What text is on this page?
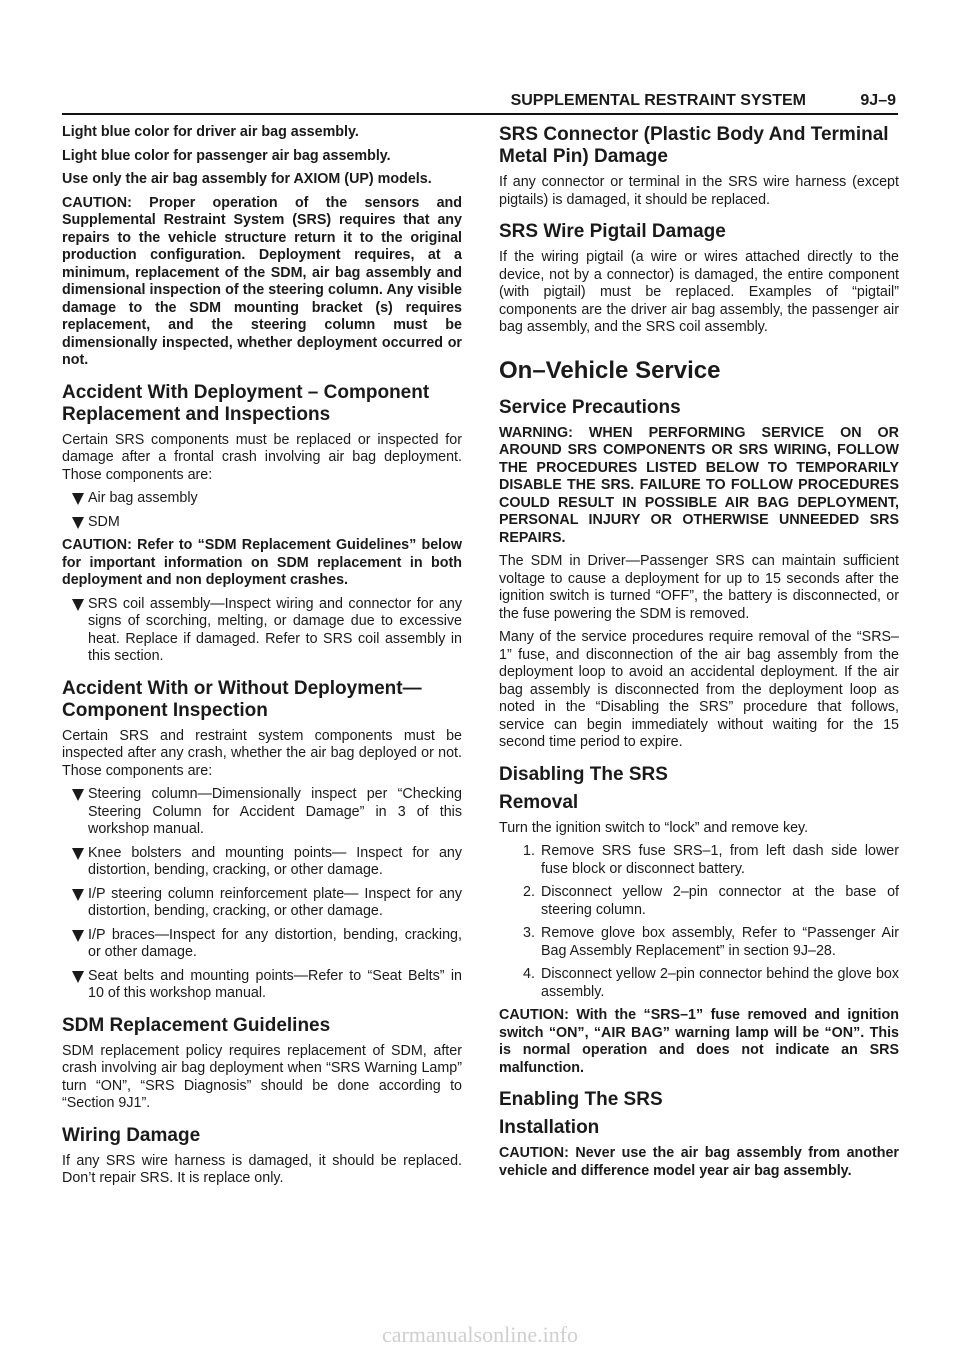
SUPPLEMENTAL RESTRAINT SYSTEM	9J–9

Light blue color for driver air bag assembly.

Light blue color for passenger air bag assembly.

Use only the air bag assembly for AXIOM (UP) models.

CAUTION: Proper operation of the sensors and Supplemental Restraint System (SRS) requires that any repairs to the vehicle structure return it to the original production configuration. Deployment requires, at a minimum, replacement of the SDM, air bag assembly and dimensional inspection of the steering column. Any visible damage to the SDM mounting bracket (s) requires replacement, and the steering column must be dimensionally inspected, whether deployment occurred or not.

Accident With Deployment – Component Replacement and Inspections

Certain SRS components must be replaced or inspected for damage after a frontal crash involving air bag deployment. Those components are:

Air bag assembly

SDM

CAUTION: Refer to “SDM Replacement Guidelines” below for important information on SDM replacement in both deployment and non deployment crashes.

SRS coil assembly—Inspect wiring and connector for any signs of scorching, melting, or damage due to excessive heat. Replace if damaged. Refer to SRS coil assembly in this section.

Accident With or Without Deployment—Component Inspection

Certain SRS and restraint system components must be inspected after any crash, whether the air bag deployed or not. Those components are:

Steering column—Dimensionally inspect per “Checking Steering Column for Accident Damage” in 3 of this workshop manual.

Knee bolsters and mounting points— Inspect for any distortion, bending, cracking, or other damage.

I/P steering column reinforcement plate— Inspect for any distortion, bending, cracking, or other damage.

I/P braces—Inspect for any distortion, bending, cracking, or other damage.

Seat belts and mounting points—Refer to “Seat Belts” in 10 of this workshop manual.

SDM Replacement Guidelines

SDM replacement policy requires replacement of SDM, after crash involving air bag deployment when “SRS Warning Lamp” turn “ON”, “SRS Diagnosis” should be done according to “Section 9J1”.

Wiring Damage

If any SRS wire harness is damaged, it should be replaced. Don’t repair SRS. It is replace only.

SRS Connector (Plastic Body And Terminal Metal Pin) Damage

If any connector or terminal in the SRS wire harness (except pigtails) is damaged, it should be replaced.

SRS Wire Pigtail Damage

If the wiring pigtail (a wire or wires attached directly to the device, not by a connector) is damaged, the entire component (with pigtail) must be replaced. Examples of “pigtail” components are the driver air bag assembly, the passenger air bag assembly, and the SRS coil assembly.

On–Vehicle Service
Service Precautions

WARNING: WHEN PERFORMING SERVICE ON OR AROUND SRS COMPONENTS OR SRS WIRING, FOLLOW THE PROCEDURES LISTED BELOW TO TEMPORARILY DISABLE THE SRS. FAILURE TO FOLLOW PROCEDURES COULD RESULT IN POSSIBLE AIR BAG DEPLOYMENT, PERSONAL INJURY OR OTHERWISE UNNEEDED SRS REPAIRS.

The SDM in Driver—Passenger SRS can maintain sufficient voltage to cause a deployment for up to 15 seconds after the ignition switch is turned “OFF”, the battery is disconnected, or the fuse powering the SDM is removed.

Many of the service procedures require removal of the “SRS–1” fuse, and disconnection of the air bag assembly from the deployment loop to avoid an accidental deployment. If the air bag assembly is disconnected from the deployment loop as noted in the “Disabling the SRS” procedure that follows, service can begin immediately without waiting for the 15 second time period to expire.

Disabling The SRS
Removal

Turn the ignition switch to “lock” and remove key.

1. Remove SRS fuse SRS–1, from left dash side lower fuse block or disconnect battery.
2. Disconnect yellow 2–pin connector at the base of steering column.
3. Remove glove box assembly, Refer to “Passenger Air Bag Assembly Replacement” in section 9J–28.
4. Disconnect yellow 2–pin connector behind the glove box assembly.

CAUTION: With the “SRS–1” fuse removed and ignition switch “ON”, “AIR BAG” warning lamp will be “ON”. This is normal operation and does not indicate an SRS malfunction.

Enabling The SRS
Installation

CAUTION: Never use the air bag assembly from another vehicle and difference model year air bag assembly.

carmanualsonline.info
